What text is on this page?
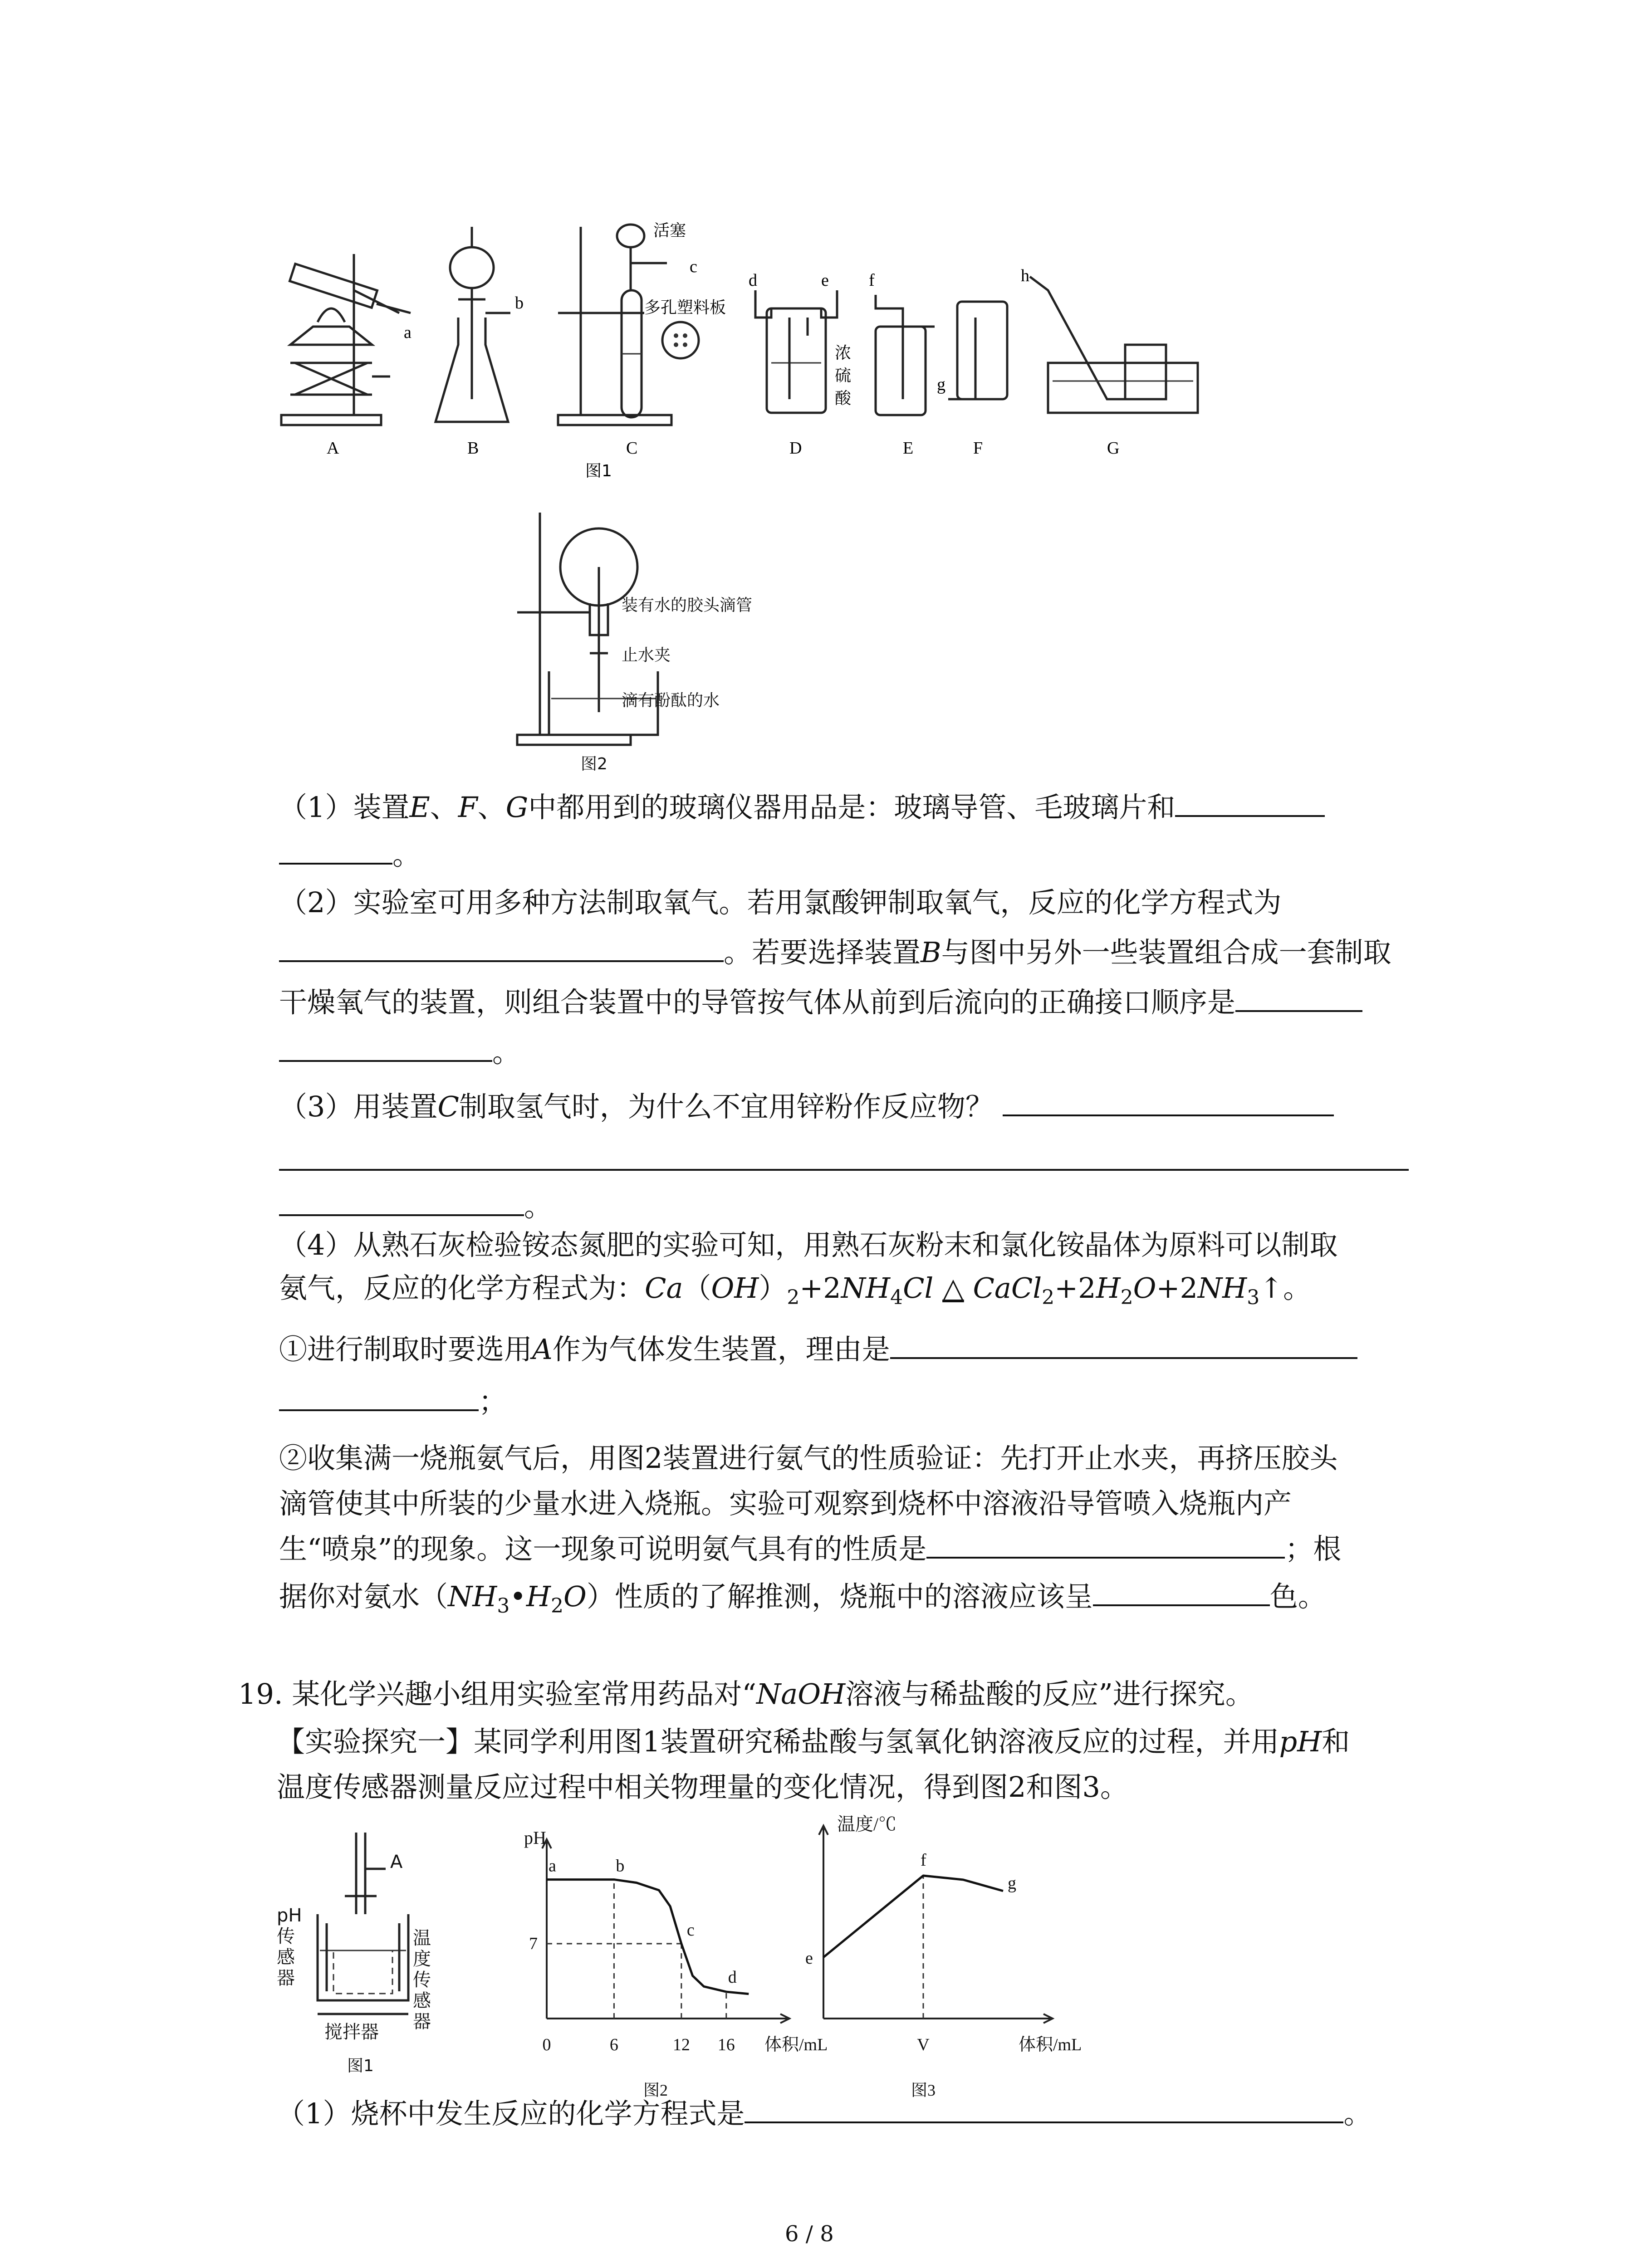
a
A
b
B
活塞
c
多孔塑料板
C
d	e
浓
硫
酸
D
f
E
g
F
h
G
图1
装有水的胶头滴管
止水夹
滴有酚酞的水
图2
（1）装置E、F、G中都用到的玻璃仪器用品是：玻璃导管、毛玻璃片和
。
（2）实验室可用多种方法制取氧气。若用氯酸钾制取氧气，反应的化学方程式为
。若要选择装置B与图中另外一些装置组合成一套制取
干燥氧气的装置，则组合装置中的导管按气体从前到后流向的正确接口顺序是
。
（3）用装置C制取氢气时，为什么不宜用锌粉作反应物？
。
（4）从熟石灰检验铵态氮肥的实验可知，用熟石灰粉末和氯化铵晶体为原料可以制取
氨气，反应的化学方程式为：$Ca(OH)_2+2NH_4Cl$ △ $CaCl_2+2H_2O+2NH_3↑$。
①进行制取时要选用A作为气体发生装置，理由是
；
②收集满一烧瓶氨气后，用图2装置进行氨气的性质验证：先打开止水夹，再挤压胶头
滴管使其中所装的少量水进入烧瓶。实验可观察到烧杯中溶液沿导管喷入烧瓶内产
生“喷泉”的现象。这一现象可说明氨气具有的性质是	；根
据你对氨水$(NH_3•H_2O)$性质的了解推测，烧瓶中的溶液应该呈	色。
19. 某化学兴趣小组用实验室常用药品对“NaOH溶液与稀盐酸的反应”进行探究。
【实验探究一】某同学利用图1装置研究稀盐酸与氢氧化钠溶液反应的过程，并用pH和
温度传感器测量反应过程中相关物理量的变化情况，得到图2和图3。
A
pH传感器
温度传感器
搅拌器
图1
pH
体积/mL
0	6	12 16
7
a	b
c
d
图2
温度/℃
体积/mL
V
e
f
g
图3
（1）烧杯中发生反应的化学方程式是	。
6 / 8
